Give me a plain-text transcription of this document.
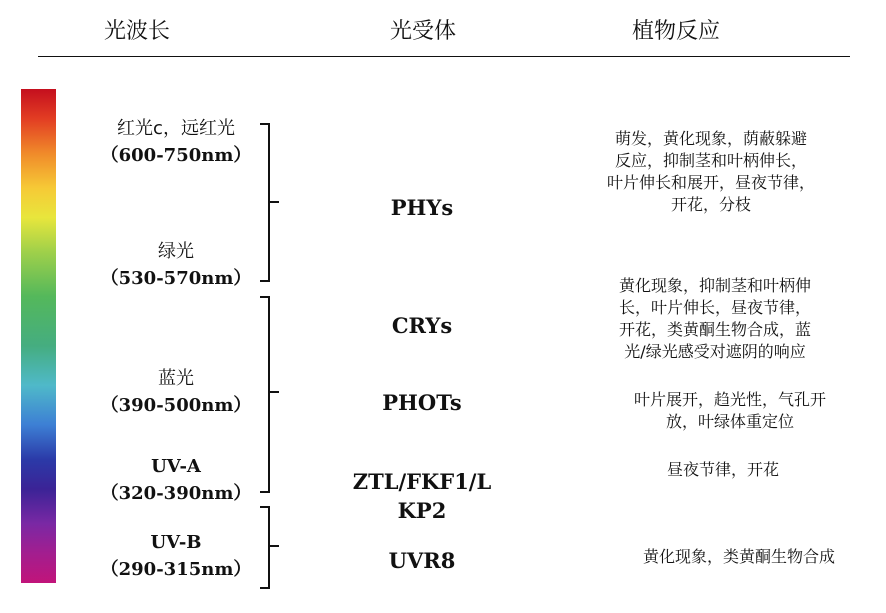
光波长	光受体	植物反应
红光c，远红光
（600-750nm）
绿光
（530-570nm）
蓝光
（390-500nm）
UV-A
（320-390nm）
UV-B
（290-315nm）
PHYs
CRYs
PHOTs
ZTL/FKF1/L
KP2
UVR8
萌发，黄化现象，荫蔽躲避
反应，抑制茎和叶柄伸长，
叶片伸长和展开，昼夜节律，
开花，分枝
黄化现象，抑制茎和叶柄伸
长，叶片伸长，昼夜节律，
开花，类黄酮生物合成，蓝
光/绿光感受对遮阴的响应
叶片展开，趋光性，气孔开
放，叶绿体重定位
昼夜节律，开花
黄化现象，类黄酮生物合成
